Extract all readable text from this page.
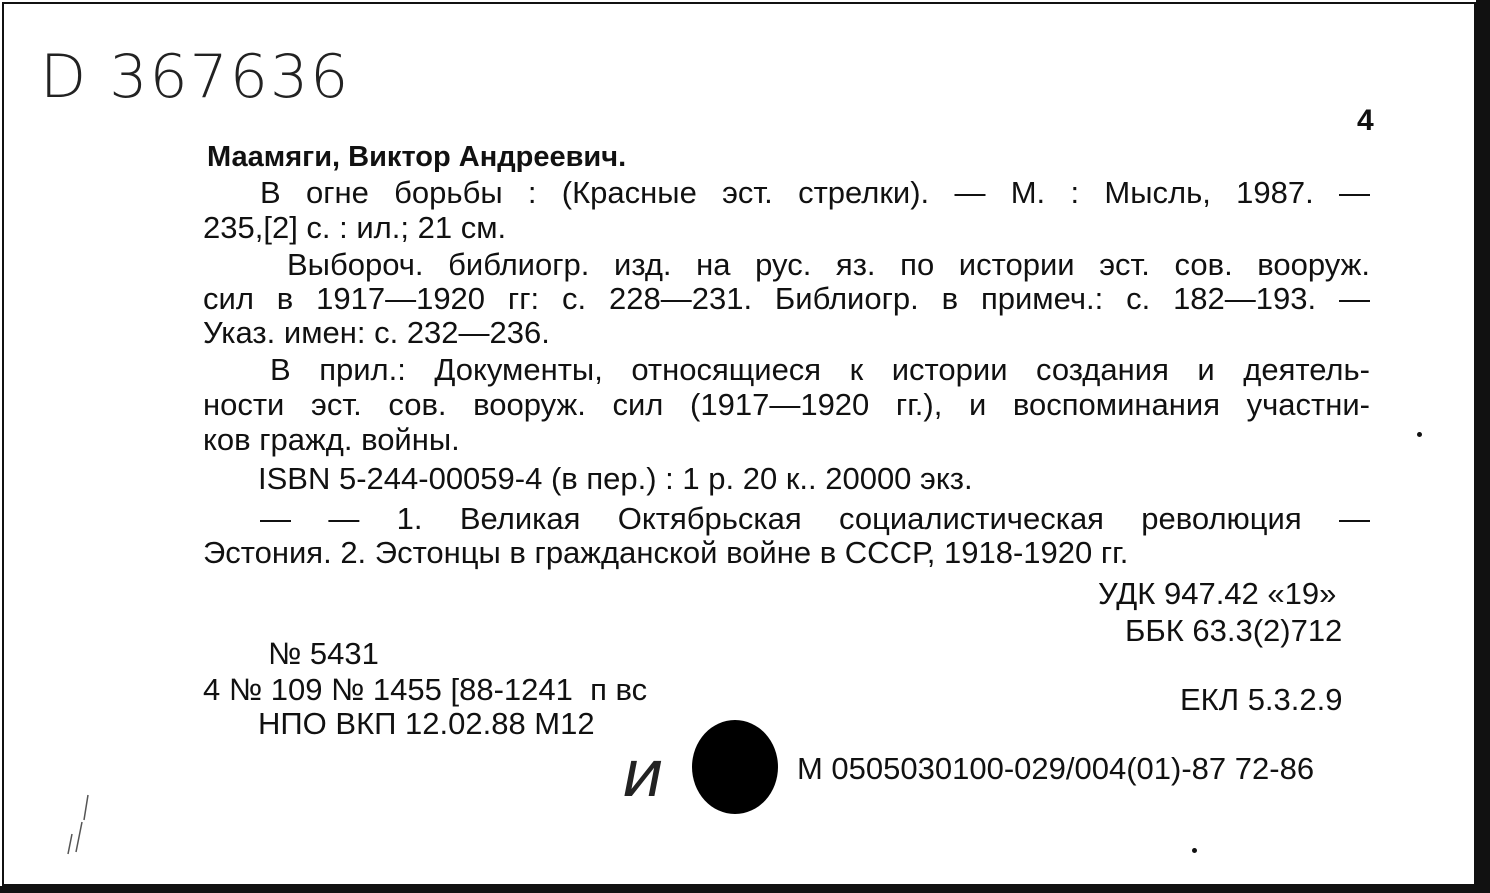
D 367636
4
Маамяги, Виктор Андреевич.
В огне борьбы : (Красные эст. стрелки). — М. : Мысль, 1987. —
235,[2] с. : ил.; 21 см.
Выбороч. библиогр. изд. на рус. яз. по истории эст. сов. вооруж.
сил в 1917—1920 гг: с. 228—231. Библиогр. в примеч.: с. 182—193. —
Указ. имен: с. 232—236.
В прил.: Документы, относящиеся к истории создания и деятель-
ности эст. сов. вооруж. сил (1917—1920 гг.), и воспоминания участни-
ков гражд. войны.
ISBN 5-244-00059-4 (в пер.) : 1 р. 20 к.. 20000 экз.
— — 1. Великая Октябрьская социалистическая революция —
Эстония. 2. Эстонцы в гражданской войне в СССР, 1918-1920 гг.
УДК 947.42 «19»
ББК 63.3(2)712
№ 5431
4 № 109 № 1455 [88-1241  п вс
НПО ВКП 12.02.88 М12
ЕКЛ 5.3.2.9
и	М 0505030100-029/004(01)-87 72-86
